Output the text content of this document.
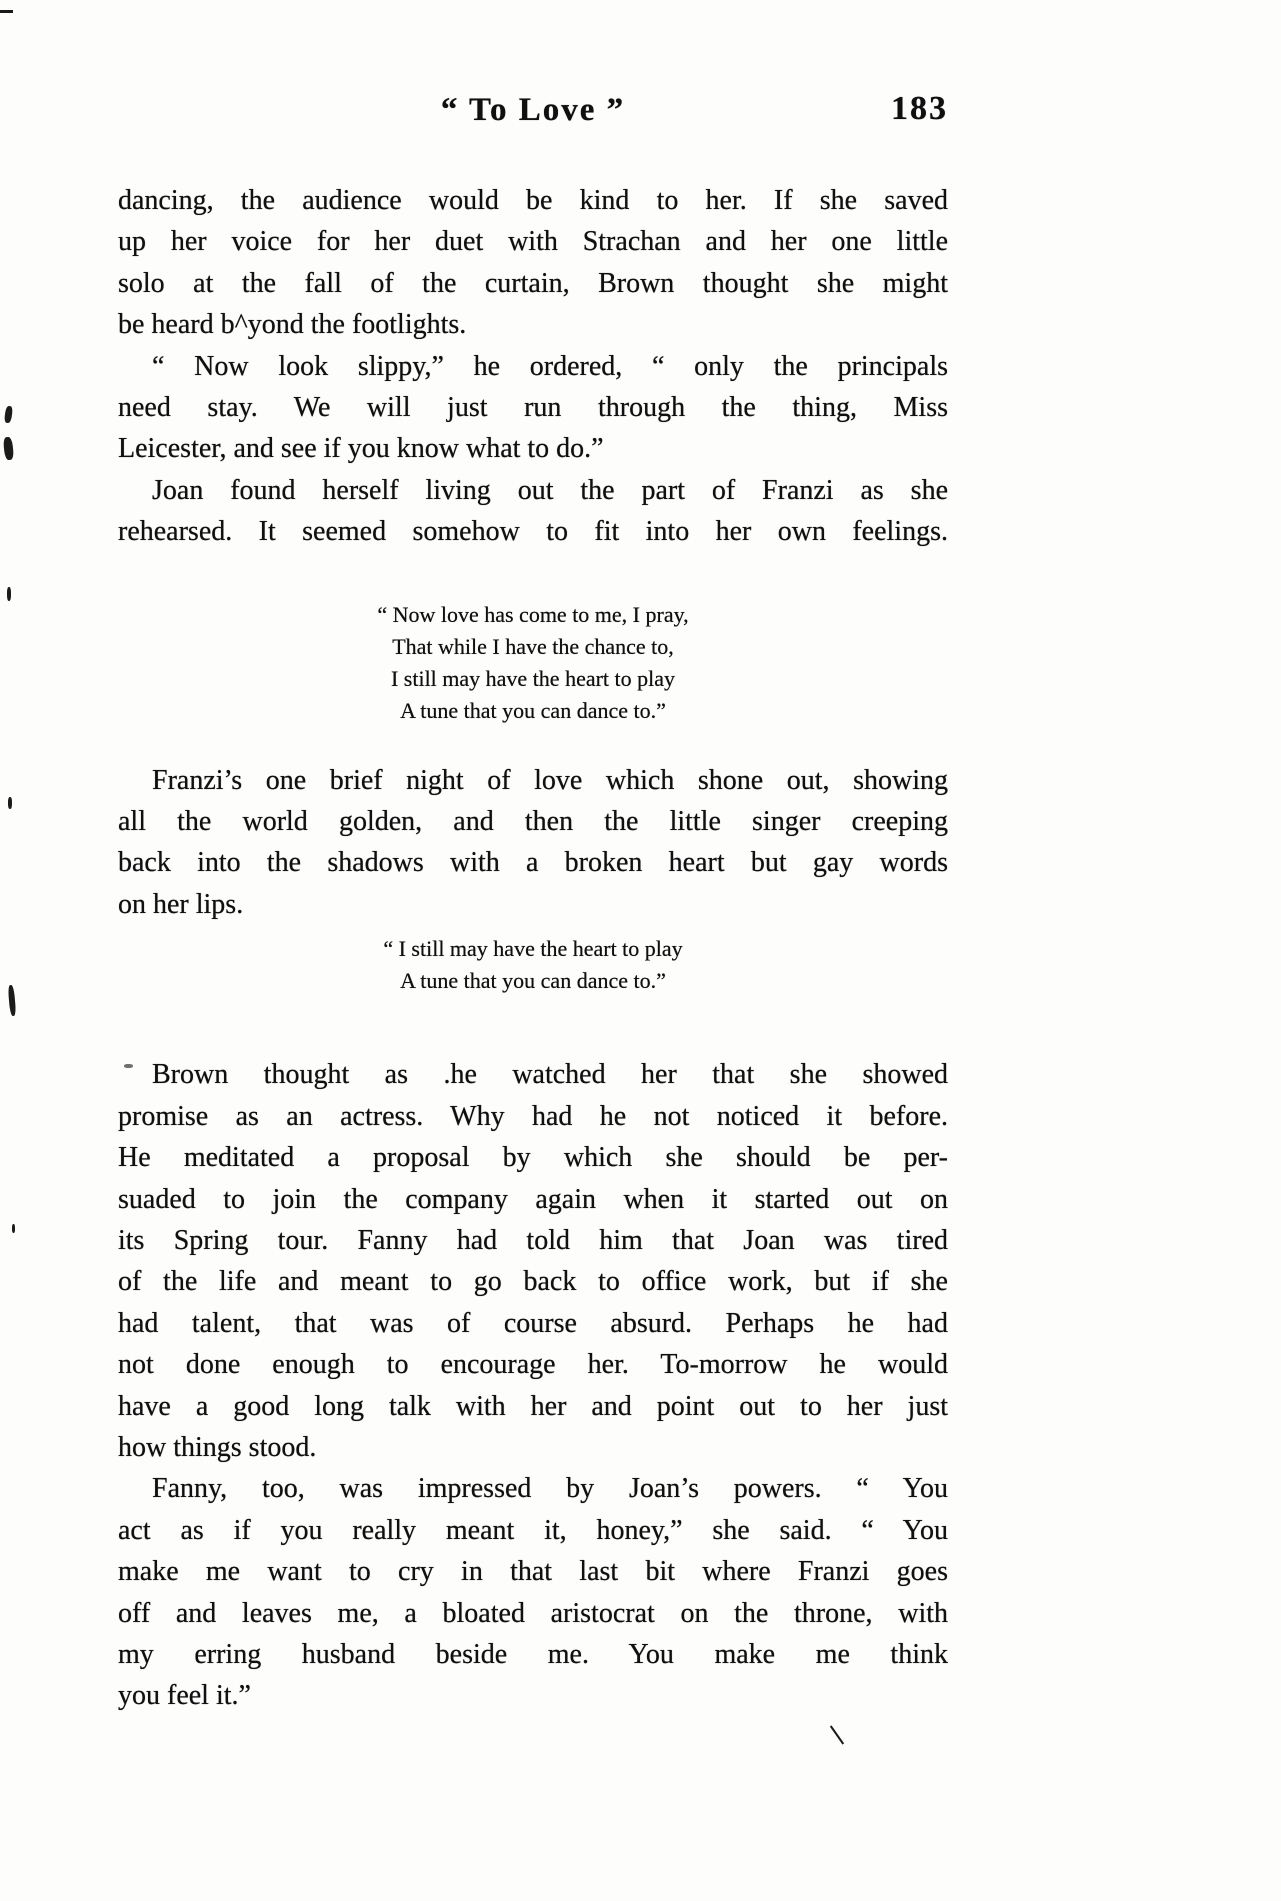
“ To Love ”	183
dancing, the audience would be kind to her. If she saved
up her voice for her duet with Strachan and her one little
solo at the fall of the curtain, Brown thought she might
be heard b^yond the footlights.
“ Now look slippy,” he ordered, “ only the principals
need stay. We will just run through the thing, Miss
Leicester, and see if you know what to do.”
Joan found herself living out the part of Franzi as she
rehearsed. It seemed somehow to fit into her own feelings.
“ Now love has come to me, I pray,
That while I have the chance to,
I still may have the heart to play
A tune that you can dance to.”
Franzi’s one brief night of love which shone out, showing
all the world golden, and then the little singer creeping
back into the shadows with a broken heart but gay words
on her lips.
“ I still may have the heart to play
A tune that you can dance to.”
Brown thought as .he watched her that she showed
promise as an actress. Why had he not noticed it before.
He meditated a proposal by which she should be per-
suaded to join the company again when it started out on
its Spring tour. Fanny had told him that Joan was tired
of the life and meant to go back to office work, but if she
had talent, that was of course absurd. Perhaps he had
not done enough to encourage her. To-morrow he would
have a good long talk with her and point out to her just
how things stood.
Fanny, too, was impressed by Joan’s powers. “ You
act as if you really meant it, honey,” she said. “ You
make me want to cry in that last bit where Franzi goes
off and leaves me, a bloated aristocrat on the throne, with
my erring husband beside me. You make me think
you feel it.”
